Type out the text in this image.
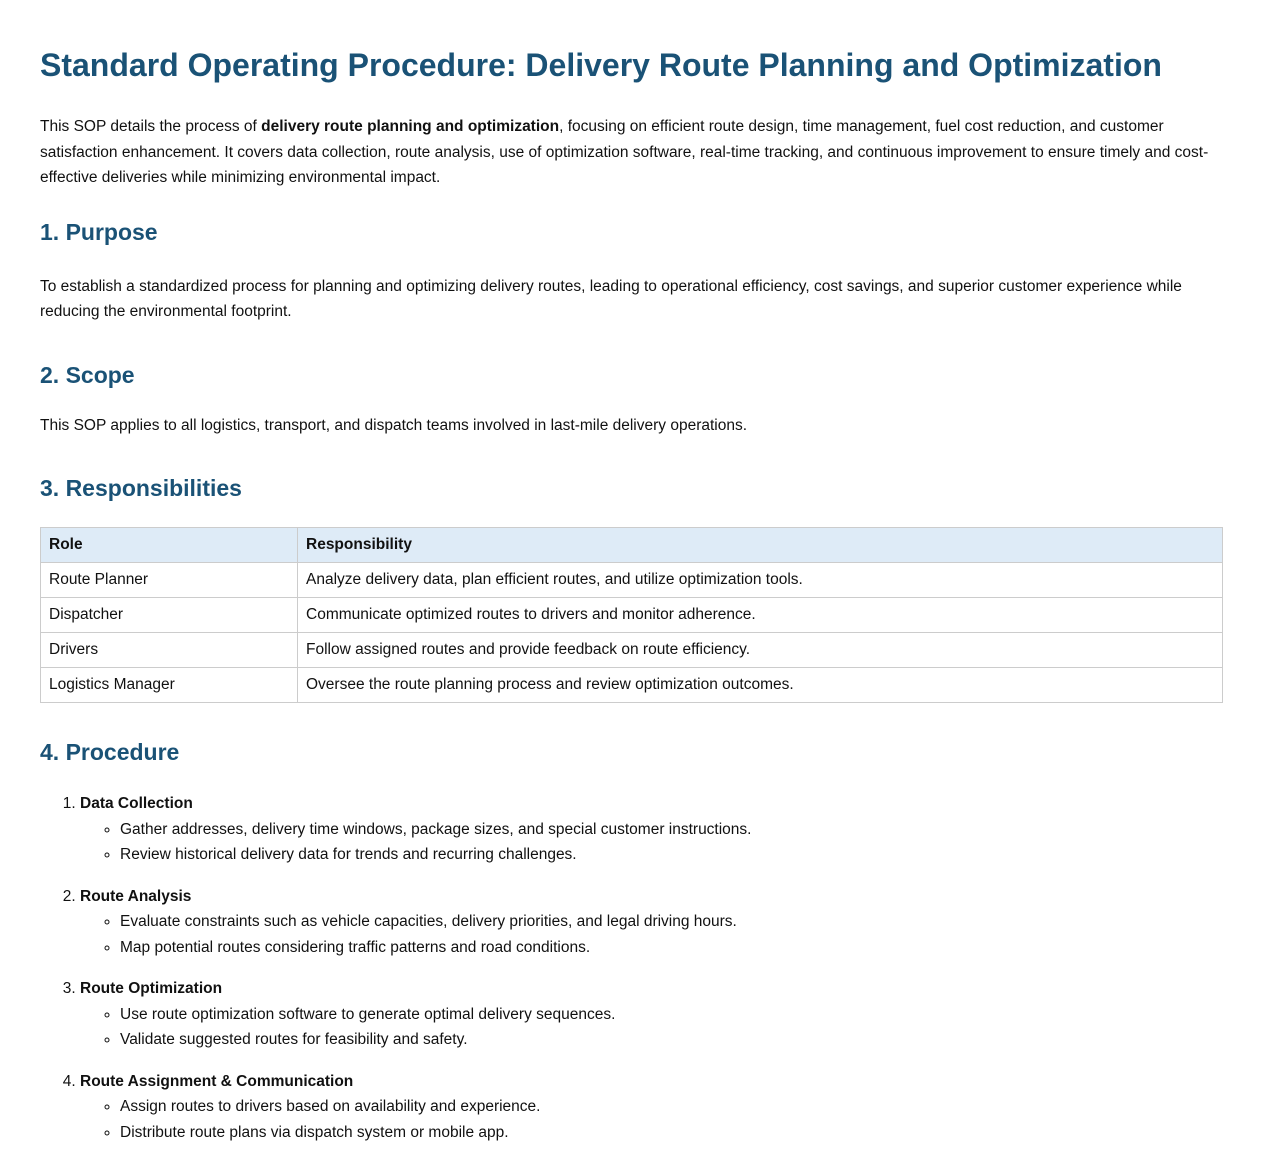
Standard Operating Procedure: Delivery Route Planning and Optimization

This SOP details the process of delivery route planning and optimization, focusing on efficient route design, time management, fuel cost reduction, and customer satisfaction enhancement. It covers data collection, route analysis, use of optimization software, real-time tracking, and continuous improvement to ensure timely and cost-effective deliveries while minimizing environmental impact.

1. Purpose

To establish a standardized process for planning and optimizing delivery routes, leading to operational efficiency, cost savings, and superior customer experience while reducing the environmental footprint.

2. Scope

This SOP applies to all logistics, transport, and dispatch teams involved in last-mile delivery operations.

3. Responsibilities
Role	Responsibility
Route Planner	Analyze delivery data, plan efficient routes, and utilize optimization tools.
Dispatcher	Communicate optimized routes to drivers and monitor adherence.
Drivers	Follow assigned routes and provide feedback on route efficiency.
Logistics Manager	Oversee the route planning process and review optimization outcomes.
4. Procedure
1. Data Collection
◦ Gather addresses, delivery time windows, package sizes, and special customer instructions.
◦ Review historical delivery data for trends and recurring challenges.
2. Route Analysis
◦ Evaluate constraints such as vehicle capacities, delivery priorities, and legal driving hours.
◦ Map potential routes considering traffic patterns and road conditions.
3. Route Optimization
◦ Use route optimization software to generate optimal delivery sequences.
◦ Validate suggested routes for feasibility and safety.
4. Route Assignment & Communication
◦ Assign routes to drivers based on availability and experience.
◦ Distribute route plans via dispatch system or mobile app.
